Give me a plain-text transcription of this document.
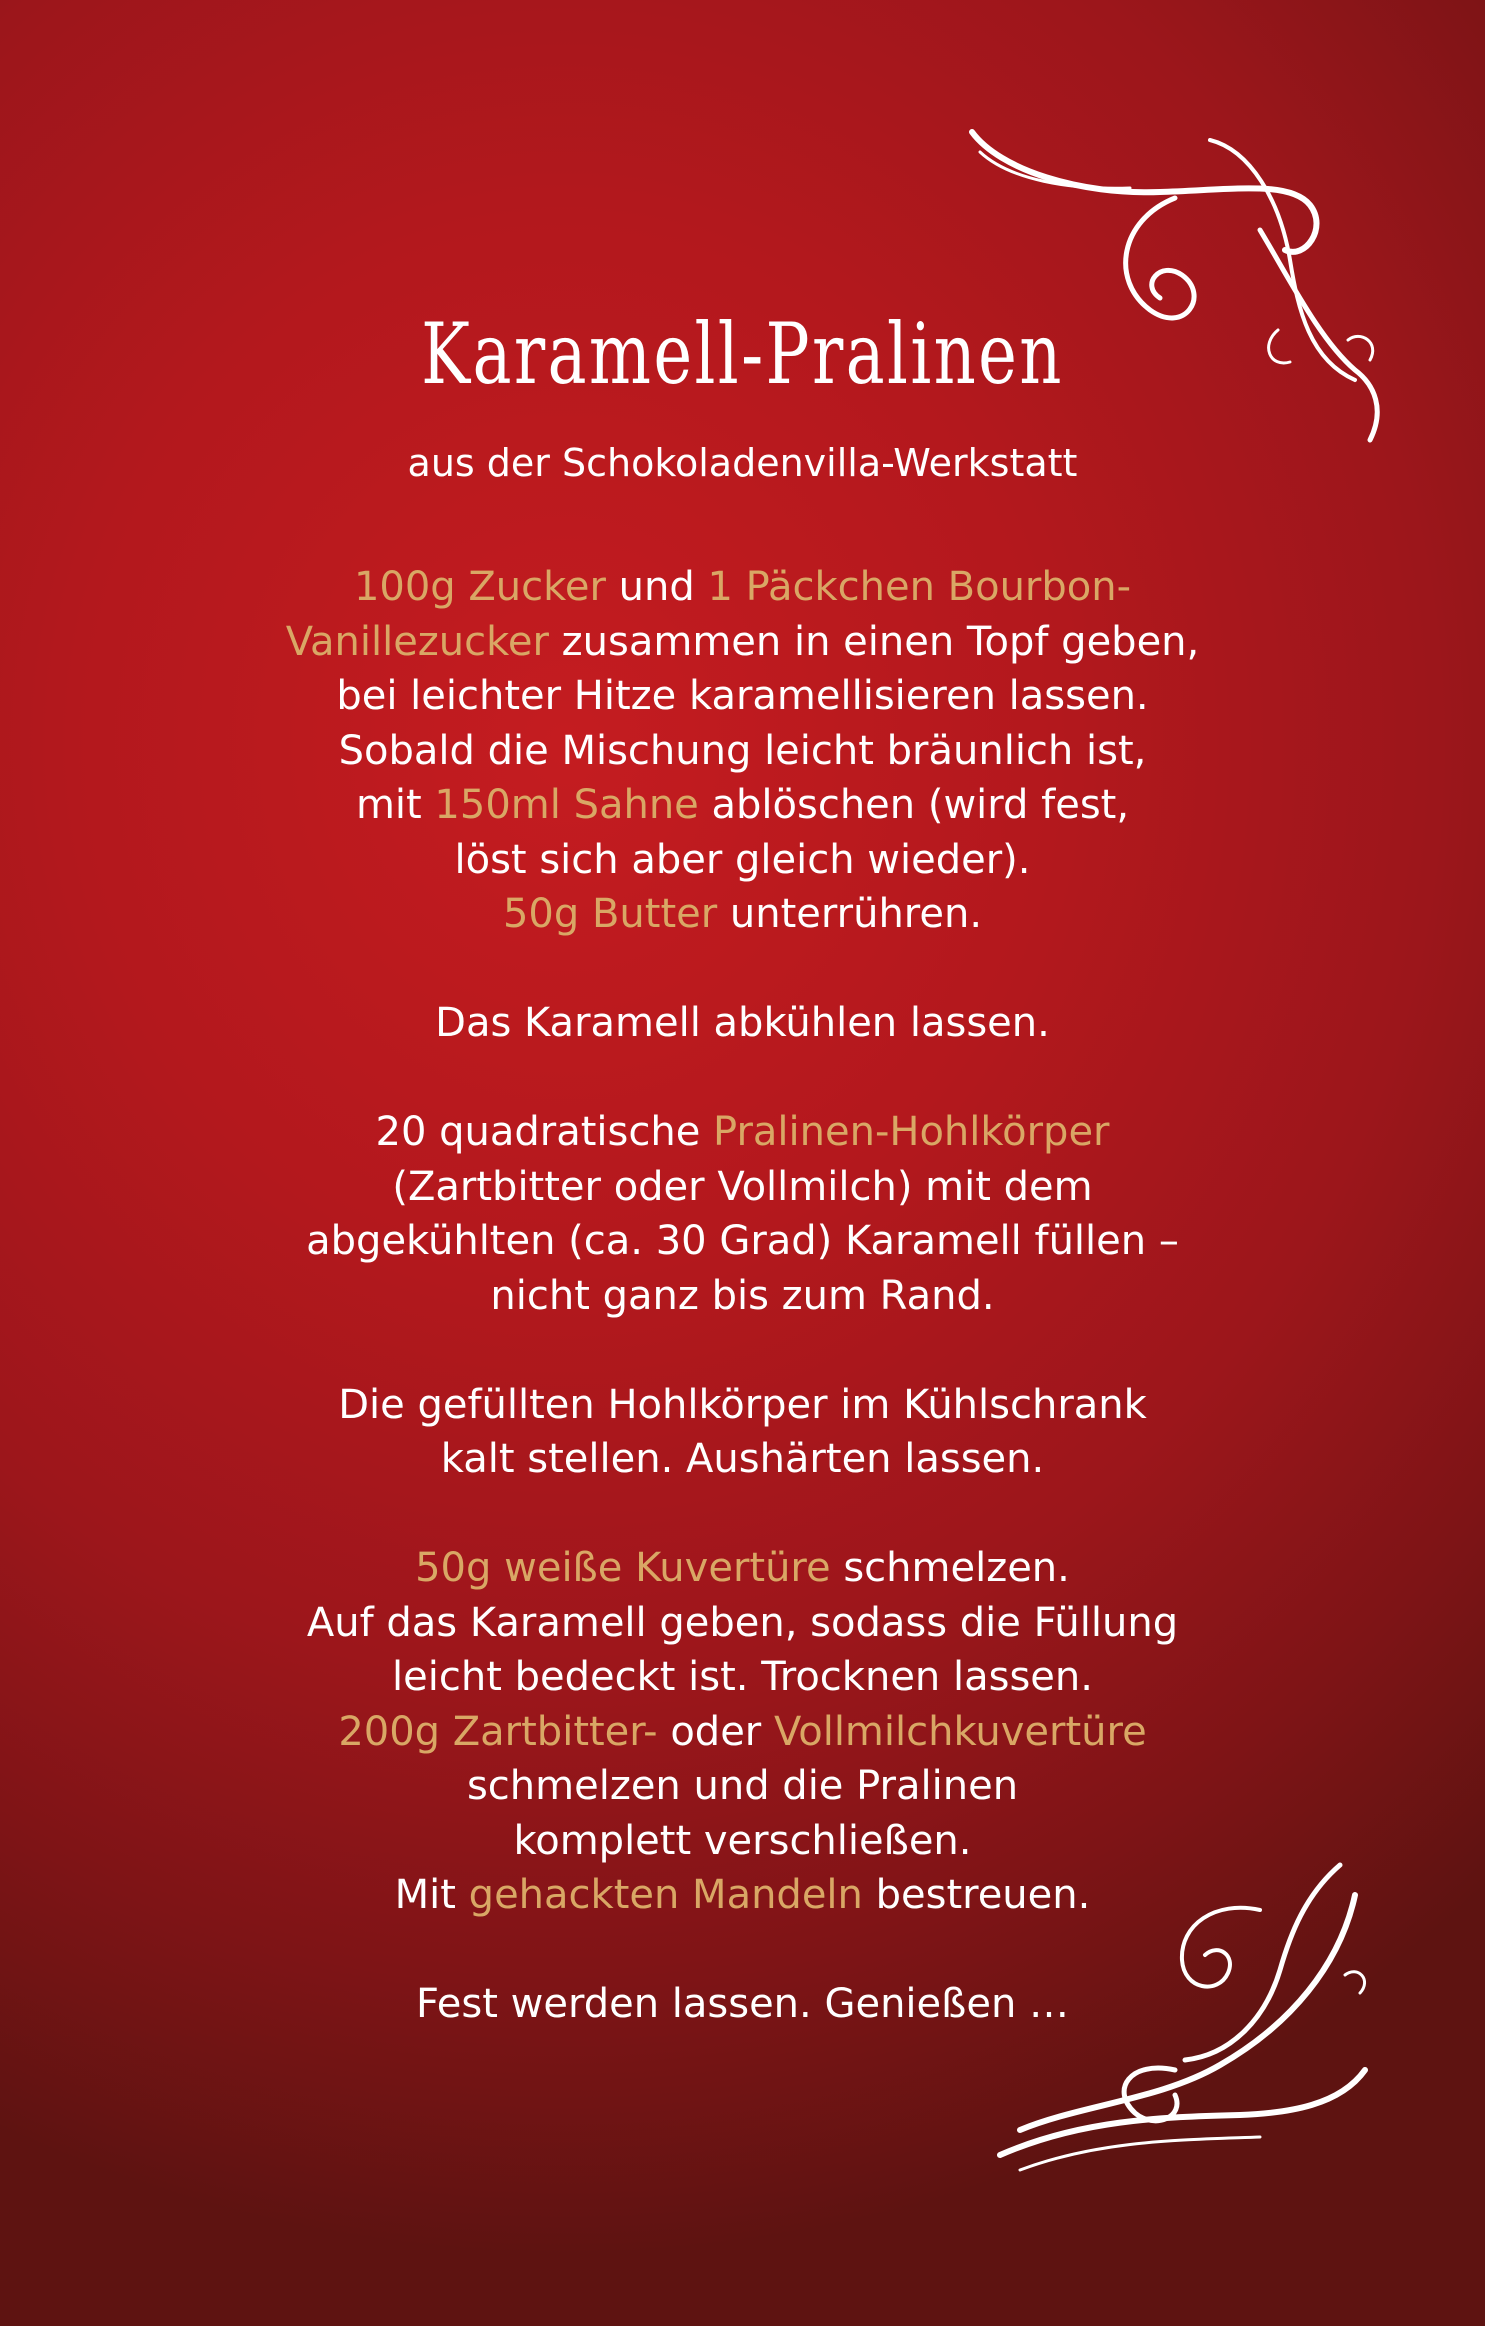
Karamell-Pralinen
aus der Schokoladenvilla-Werkstatt
100g Zucker und 1 Päckchen Bourbon-
Vanillezucker zusammen in einen Topf geben,
bei leichter Hitze karamellisieren lassen.
Sobald die Mischung leicht bräunlich ist,
mit 150ml Sahne ablöschen (wird fest,
löst sich aber gleich wieder).
50g Butter unterrühren.
Das Karamell abkühlen lassen.
20 quadratische Pralinen-Hohlkörper
(Zartbitter oder Vollmilch) mit dem
abgekühlten (ca. 30 Grad) Karamell füllen –
nicht ganz bis zum Rand.
Die gefüllten Hohlkörper im Kühlschrank
kalt stellen. Aushärten lassen.
50g weiße Kuvertüre schmelzen.
Auf das Karamell geben, sodass die Füllung
leicht bedeckt ist. Trocknen lassen.
200g Zartbitter- oder Vollmilchkuvertüre
schmelzen und die Pralinen
komplett verschließen.
Mit gehackten Mandeln bestreuen.
Fest werden lassen. Genießen …
